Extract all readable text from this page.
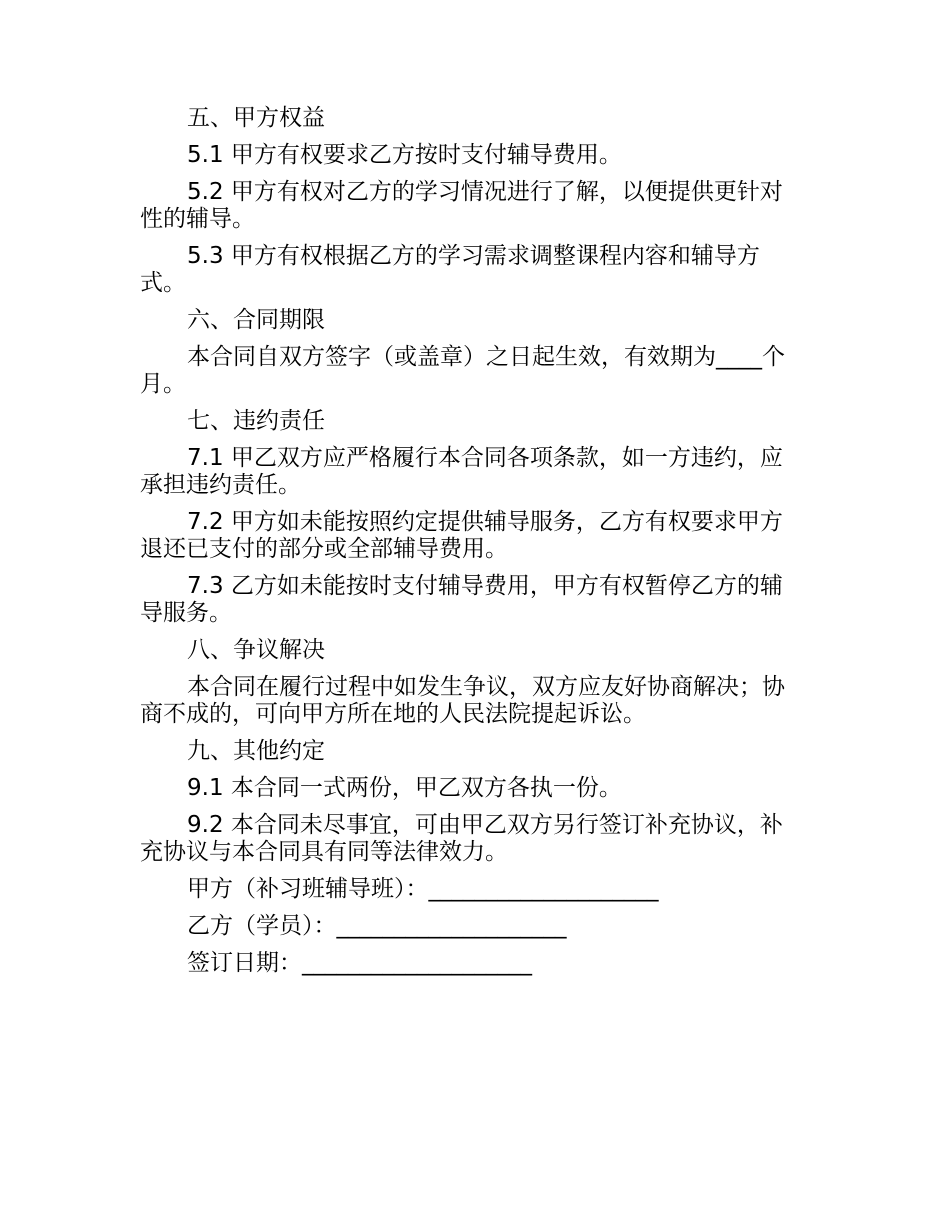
五、甲方权益

5.1 甲方有权要求乙方按时支付辅导费用。

5.2 甲方有权对乙方的学习情况进行了解，以便提供更针对性的辅导。

5.3 甲方有权根据乙方的学习需求调整课程内容和辅导方式。

六、合同期限

本合同自双方签字（或盖章）之日起生效，有效期为____个月。

七、违约责任

7.1 甲乙双方应严格履行本合同各项条款，如一方违约，应承担违约责任。

7.2 甲方如未能按照约定提供辅导服务，乙方有权要求甲方退还已支付的部分或全部辅导费用。

7.3 乙方如未能按时支付辅导费用，甲方有权暂停乙方的辅导服务。

八、争议解决

本合同在履行过程中如发生争议，双方应友好协商解决；协商不成的，可向甲方所在地的人民法院提起诉讼。

九、其他约定

9.1 本合同一式两份，甲乙双方各执一份。

9.2 本合同未尽事宜，可由甲乙双方另行签订补充协议，补充协议与本合同具有同等法律效力。

甲方（补习班辅导班）：____________________

乙方（学员）：____________________

签订日期：____________________
